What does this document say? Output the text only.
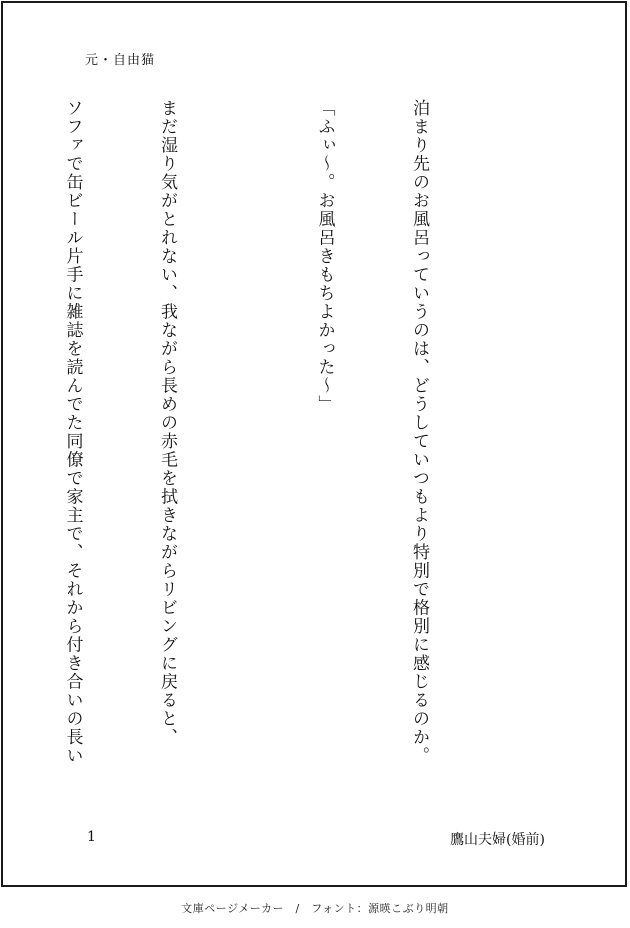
元・自由猫

泊まり先のお風呂っていうのは、どうしていつもより特別で格別に感じるのか。

「ふぃ〜。お風呂きもちよかった〜」

まだ湿り気がとれない、我ながら長めの赤毛を拭きながらリビングに戻ると、

ソファで缶ビール片手に雑誌を読んでた同僚で家主で、それから付き合いの長い

1	鷹山夫婦(婚前)
文庫ページメーカー　/　フォント：源暎こぶり明朝
